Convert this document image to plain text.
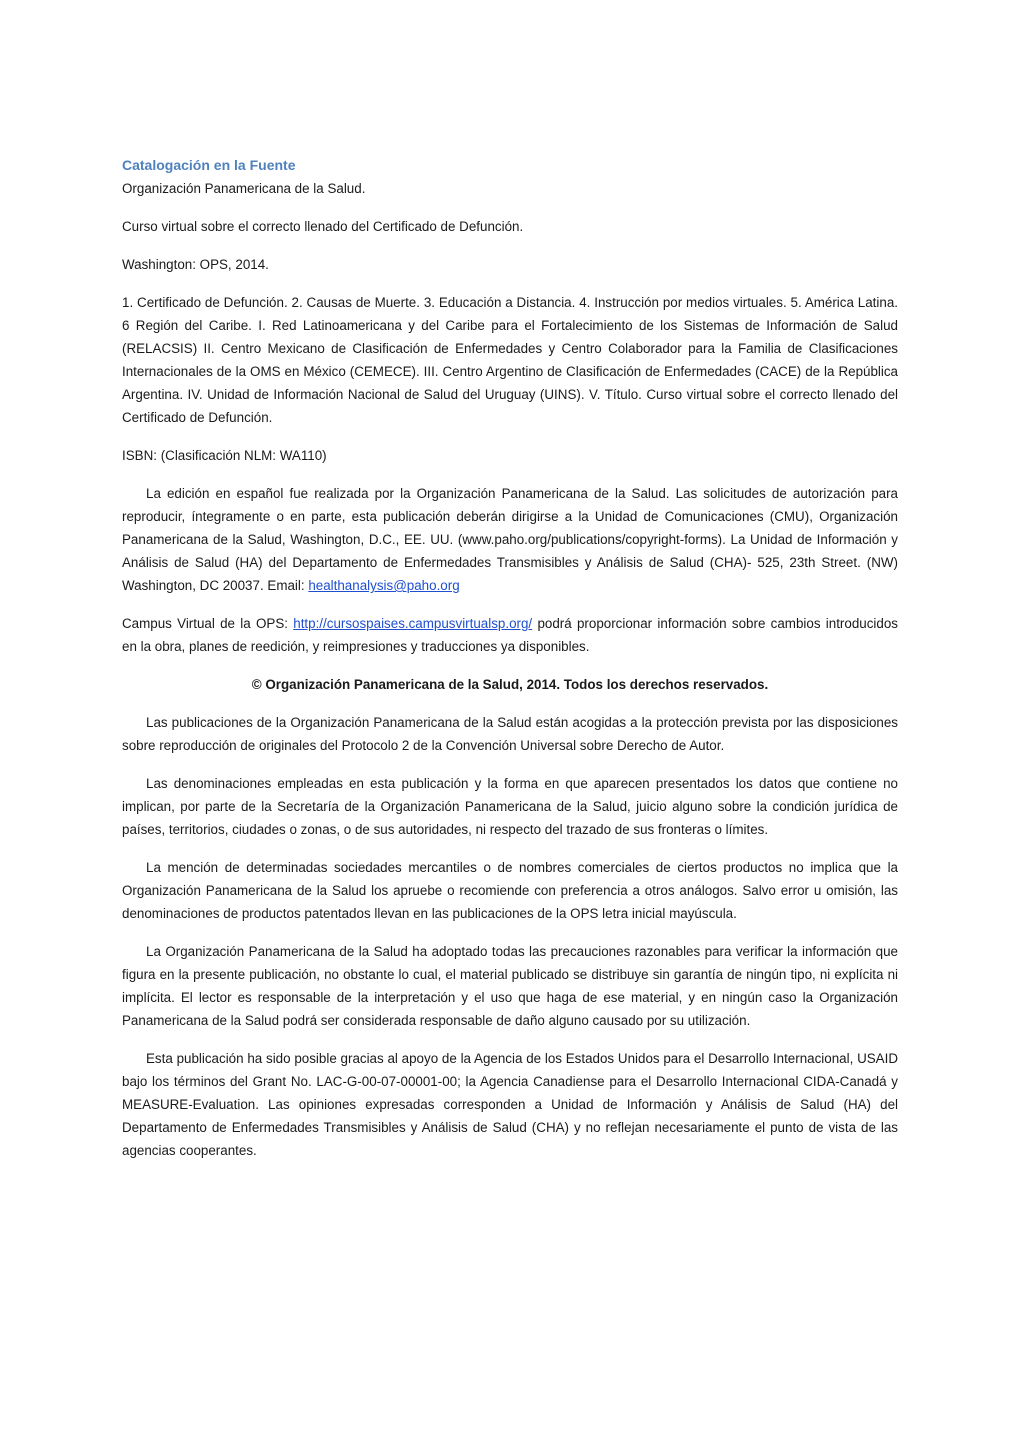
Catalogación en la Fuente

Organización Panamericana de la Salud.

Curso virtual sobre el correcto llenado del Certificado de Defunción.

Washington: OPS, 2014.

1. Certificado de Defunción. 2. Causas de Muerte. 3. Educación a Distancia. 4. Instrucción por medios virtuales. 5. América Latina. 6 Región del Caribe. I. Red Latinoamericana y del Caribe para el Fortalecimiento de los Sistemas de Información de Salud (RELACSIS) II. Centro Mexicano de Clasificación de Enfermedades y Centro Colaborador para la Familia de Clasificaciones Internacionales de la OMS en México (CEMECE). III. Centro Argentino de Clasificación de Enfermedades (CACE) de la República Argentina. IV. Unidad de Información Nacional de Salud del Uruguay (UINS). V. Título. Curso virtual sobre el correcto llenado del Certificado de Defunción.

ISBN: (Clasificación NLM: WA110)

La edición en español fue realizada por la Organización Panamericana de la Salud. Las solicitudes de autorización para reproducir, íntegramente o en parte, esta publicación deberán dirigirse a la Unidad de Comunicaciones (CMU), Organización Panamericana de la Salud, Washington, D.C., EE. UU. (www.paho.org/publications/copyright-forms). La Unidad de Información y Análisis de Salud (HA) del Departamento de Enfermedades Transmisibles y Análisis de Salud (CHA)- 525, 23th Street. (NW) Washington, DC 20037. Email: healthanalysis@paho.org

Campus Virtual de la OPS: http://cursospaises.campusvirtualsp.org/ podrá proporcionar información sobre cambios introducidos en la obra, planes de reedición, y reimpresiones y traducciones ya disponibles.

© Organización Panamericana de la Salud, 2014. Todos los derechos reservados.

Las publicaciones de la Organización Panamericana de la Salud están acogidas a la protección prevista por las disposiciones sobre reproducción de originales del Protocolo 2 de la Convención Universal sobre Derecho de Autor.

Las denominaciones empleadas en esta publicación y la forma en que aparecen presentados los datos que contiene no implican, por parte de la Secretaría de la Organización Panamericana de la Salud, juicio alguno sobre la condición jurídica de países, territorios, ciudades o zonas, o de sus autoridades, ni respecto del trazado de sus fronteras o límites.

La mención de determinadas sociedades mercantiles o de nombres comerciales de ciertos productos no implica que la Organización Panamericana de la Salud los apruebe o recomiende con preferencia a otros análogos. Salvo error u omisión, las denominaciones de productos patentados llevan en las publicaciones de la OPS letra inicial mayúscula.

La Organización Panamericana de la Salud ha adoptado todas las precauciones razonables para verificar la información que figura en la presente publicación, no obstante lo cual, el material publicado se distribuye sin garantía de ningún tipo, ni explícita ni implícita. El lector es responsable de la interpretación y el uso que haga de ese material, y en ningún caso la Organización Panamericana de la Salud podrá ser considerada responsable de daño alguno causado por su utilización.

Esta publicación ha sido posible gracias al apoyo de la Agencia de los Estados Unidos para el Desarrollo Internacional, USAID bajo los términos del Grant No. LAC-G-00-07-00001-00; la Agencia Canadiense para el Desarrollo Internacional CIDA-Canadá y MEASURE-Evaluation. Las opiniones expresadas corresponden a Unidad de Información y Análisis de Salud (HA) del Departamento de Enfermedades Transmisibles y Análisis de Salud (CHA) y no reflejan necesariamente el punto de vista de las agencias cooperantes.
